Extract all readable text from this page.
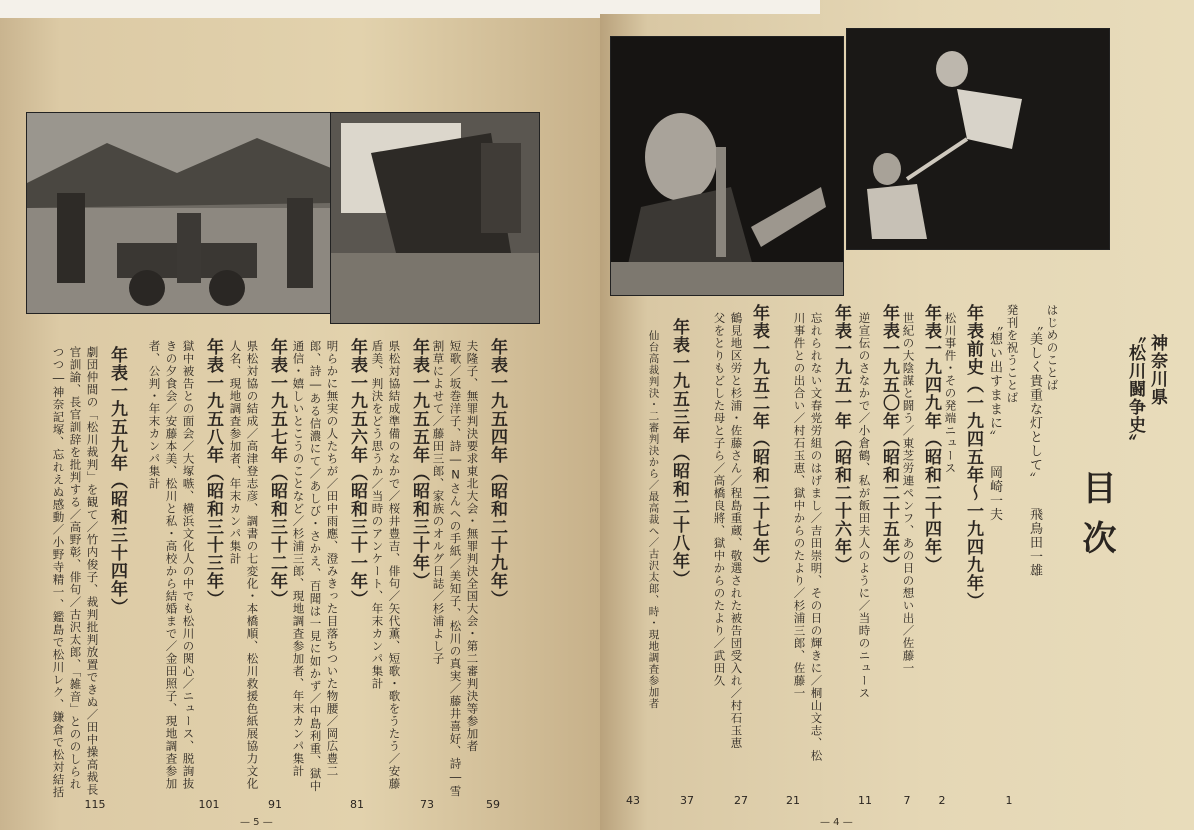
年表一九五四年（昭和二十九年）
夫隆子、無罪判決要求東北大会・無罪判決全国大会・第二審判決等参加者
59
短歌／坂巻洋子、詩―Nさんへの手紙／美知子、松川の真実／藤井喜好、詩―雪
割草によせて／藤田三郎、家族のオルグ日誌／杉浦よし子
年表一九五五年（昭和三十年）
73
県松対協結成準備のなかで／桜井豊吉、俳句／矢代薫、短歌・歌をうたう／安藤
盾美、判決をどう思うか／当時のアンケート、年末カンパ集計
年表一九五六年（昭和三十一年）
81
明らかに無実の人たちが／田中雨應、澄みきった目落ちついた物腰／岡広豊二
郎、詩―ある信濃にて／あしび・さかえ、百聞は一見に如かず／中島利重、獄中
通信・嬉しいとこうのことなど／杉浦三郎、現地調査参加者、年末カンパ集計
年表一九五七年（昭和三十二年）
91
県松対協の結成／高津登志彦、調書の七変化・本橋順、松川救援色紙展協力文化
人名、現地調査参加者、年末カンパ集計
年表一九五八年（昭和三十三年）
101
獄中被告との面会／大塚嗾、横浜文化人の中でも松川の関心／ニュース、脱詢抜
きの夕食会／安藤本美、松川と私・高校から結婚まで／金田照子、現地調査参加
者、公判・年末カンパ集計
年表一九五九年（昭和三十四年）
115
劇団仲間の「松川裁判」を観て／竹内俊子、裁判批判放置できぬ／田中操高裁長
官訓諭、長官訓辞を批判する／高野彰、俳句／古沢太郎、「雑音」とののしられ
つつ―神奈記塚、忘れえぬ感動／小野寺精一、鑑島で松川レク、鎌倉で松対結括
— 5 —
神奈川県
〝松川闘争史〟
目次
はじめのことば
1
〝美しく貴重な灯として〟　　飛鳥田一雄
発刊を祝うことば
2
〝想い出すままに〟　　岡崎一夫
年表前史（一九四五年〜一九四九年）
7
松川事件・その発端ニュース
11
年表一九四九年（昭和二十四年）
世紀の大陰謀と闘う／東芝労連ペンフ、あの日の想い出／佐藤一
21
年表一九五〇年（昭和二十五年）
逆宣伝のさなかで／小倉鶴、私が飯田夫人のように／当時のニュース
27
年表一九五一年（昭和二十六年）
忘れられない文春党労組のはげまし／吉田崇明、その日の輝きに／桐山文志、松
川事件との出合い／村石玉恵、獄中からのたより／杉浦三郎、佐藤一
37
年表一九五二年（昭和二十七年）
鶴見地区労と杉浦・佐藤さん／程島重蔵、敬選された被告団受入れ／村石玉恵
父をとりもどした母と子ら／高橋良將、獄中からのたより／武田久
43
年表一九五三年（昭和二十八年）
仙台高裁判決・二審判決から／最高裁へ／古沢太郎、時・現地調査参加者
— 4 —
